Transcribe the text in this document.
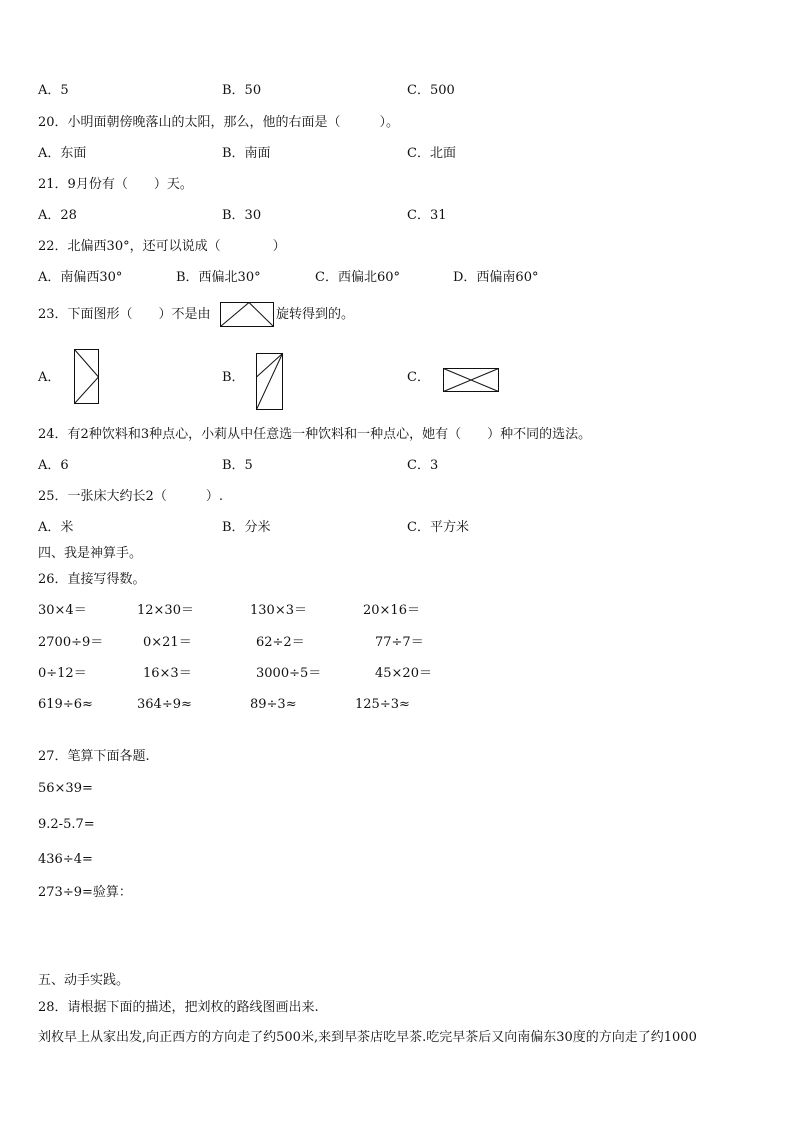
A．5	B．50	C．500
20．小明面朝傍晚落山的太阳，那么，他的右面是（　　　）。
A．东面	B．南面	C．北面
21．9月份有（　　）天。
A．28	B．30	C．31
22．北偏西30°，还可以说成（　　　　）
A．南偏西30°	B．西偏北30°	C．西偏北60°	D．西偏南60°
23．下面图形（　　）不是由	旋转得到的。
A．	B．	C．
24．有2种饮料和3种点心，小莉从中任意选一种饮料和一种点心，她有（　　）种不同的选法。
A．6	B．5	C．3
25．一张床大约长2（　　　）.
A．米	B．分米	C．平方米
四、我是神算手。
26．直接写得数。
30×4＝	12×30＝	130×3＝	20×16＝
2700÷9＝	0×21＝	62÷2＝	77÷7＝
0÷12＝	16×3＝	3000÷5＝	45×20＝
619÷6≈	364÷9≈	89÷3≈	125÷3≈
27．笔算下面各题.
56×39=
9.2-5.7=
436÷4=
273÷9=验算：
五、动手实践。
28．请根据下面的描述，把刘枚的路线图画出来.
刘枚早上从家出发,向正西方的方向走了约500米,来到早茶店吃早茶.吃完早茶后又向南偏东30度的方向走了约1000
